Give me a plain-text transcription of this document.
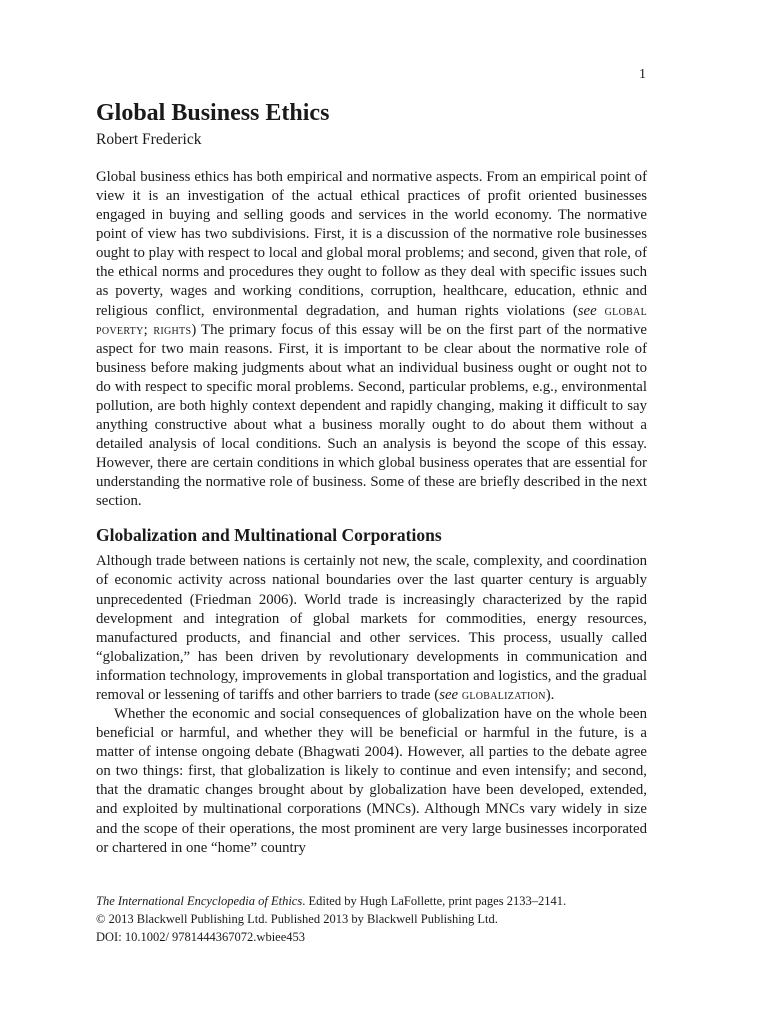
1
Global Business Ethics
Robert Frederick

Global business ethics has both empirical and normative aspects. From an empirical point of view it is an investigation of the actual ethical practices of profit oriented businesses engaged in buying and selling goods and services in the world economy. The normative point of view has two subdivisions. First, it is a discussion of the normative role businesses ought to play with respect to local and global moral problems; and second, given that role, of the ethical norms and procedures they ought to follow as they deal with specific issues such as poverty, wages and working conditions, corruption, healthcare, education, ethnic and religious conflict, environmental degradation, and human rights violations (see global poverty; rights) The primary focus of this essay will be on the first part of the normative aspect for two main reasons. First, it is important to be clear about the normative role of business before making judgments about what an individual business ought or ought not to do with respect to specific moral problems. Second, particular problems, e.g., environmental pollution, are both highly context dependent and rapidly changing, making it difficult to say anything constructive about what a business morally ought to do about them without a detailed analysis of local conditions. Such an analysis is beyond the scope of this essay. However, there are certain conditions in which global business operates that are essential for understanding the normative role of business. Some of these are briefly described in the next section.

Globalization and Multinational Corporations

Although trade between nations is certainly not new, the scale, complexity, and coordination of economic activity across national boundaries over the last quarter century is arguably unprecedented (Friedman 2006). World trade is increasingly characterized by the rapid development and integration of global markets for commodities, energy resources, manufactured products, and financial and other services. This process, usually called “globalization,” has been driven by revolutionary developments in communication and information technology, improvements in global transportation and logistics, and the gradual removal or lessening of tariffs and other barriers to trade (see globalization).

Whether the economic and social consequences of globalization have on the whole been beneficial or harmful, and whether they will be beneficial or harmful in the future, is a matter of intense ongoing debate (Bhagwati 2004). However, all parties to the debate agree on two things: first, that globalization is likely to continue and even intensify; and second, that the dramatic changes brought about by globalization have been developed, extended, and exploited by multinational corporations (MNCs). Although MNCs vary widely in size and the scope of their operations, the most prominent are very large businesses incorporated or chartered in one “home” country

The International Encyclopedia of Ethics. Edited by Hugh LaFollette, print pages 2133–2141.
© 2013 Blackwell Publishing Ltd. Published 2013 by Blackwell Publishing Ltd.
DOI: 10.1002/ 9781444367072.wbiee453
